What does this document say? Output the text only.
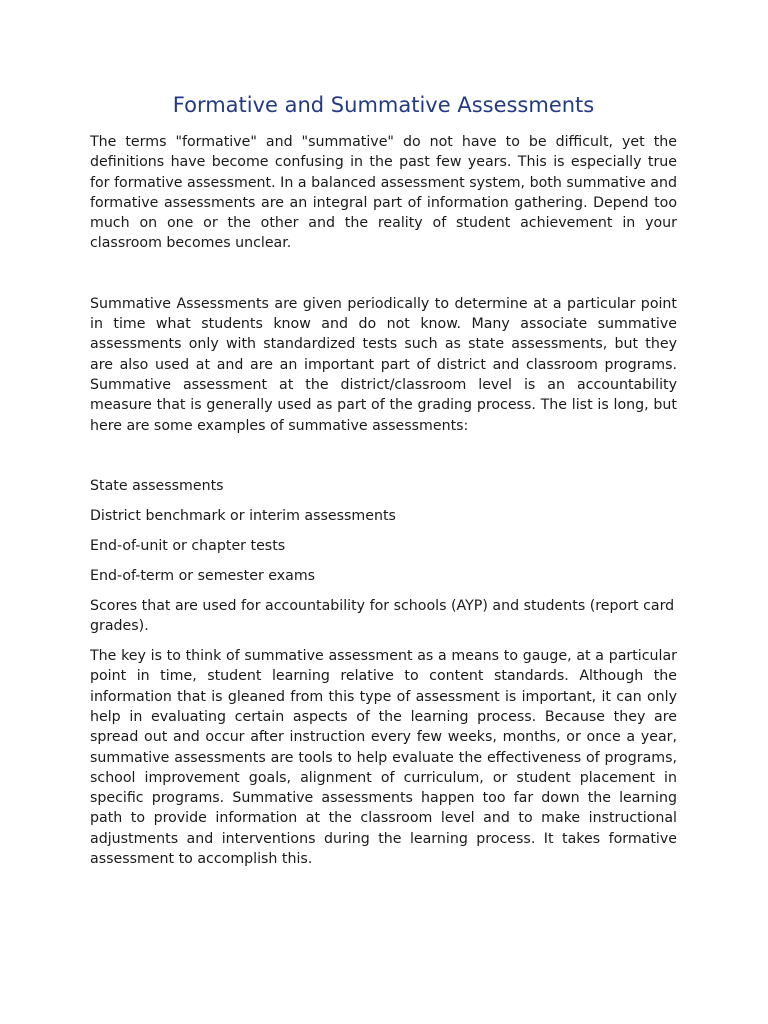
Formative and Summative Assessments

The terms "formative" and "summative" do not have to be difficult, yet the definitions have become confusing in the past few years. This is especially true for formative assessment. In a balanced assessment system, both summative and formative assessments are an integral part of information gathering. Depend too much on one or the other and the reality of student achievement in your classroom becomes unclear.

Summative Assessments are given periodically to determine at a particular point in time what students know and do not know. Many associate summative assessments only with standardized tests such as state assessments, but they are also used at and are an important part of district and classroom programs. Summative assessment at the district/classroom level is an accountability measure that is generally used as part of the grading process. The list is long, but here are some examples of summative assessments:

State assessments
District benchmark or interim assessments
End-of-unit or chapter tests
End-of-term or semester exams
Scores that are used for accountability for schools (AYP) and students (report card grades).

The key is to think of summative assessment as a means to gauge, at a particular point in time, student learning relative to content standards. Although the information that is gleaned from this type of assessment is important, it can only help in evaluating certain aspects of the learning process. Because they are spread out and occur after instruction every few weeks, months, or once a year, summative assessments are tools to help evaluate the effectiveness of programs, school improvement goals, alignment of curriculum, or student placement in specific programs. Summative assessments happen too far down the learning path to provide information at the classroom level and to make instructional adjustments and interventions during the learning process. It takes formative assessment to accomplish this.
